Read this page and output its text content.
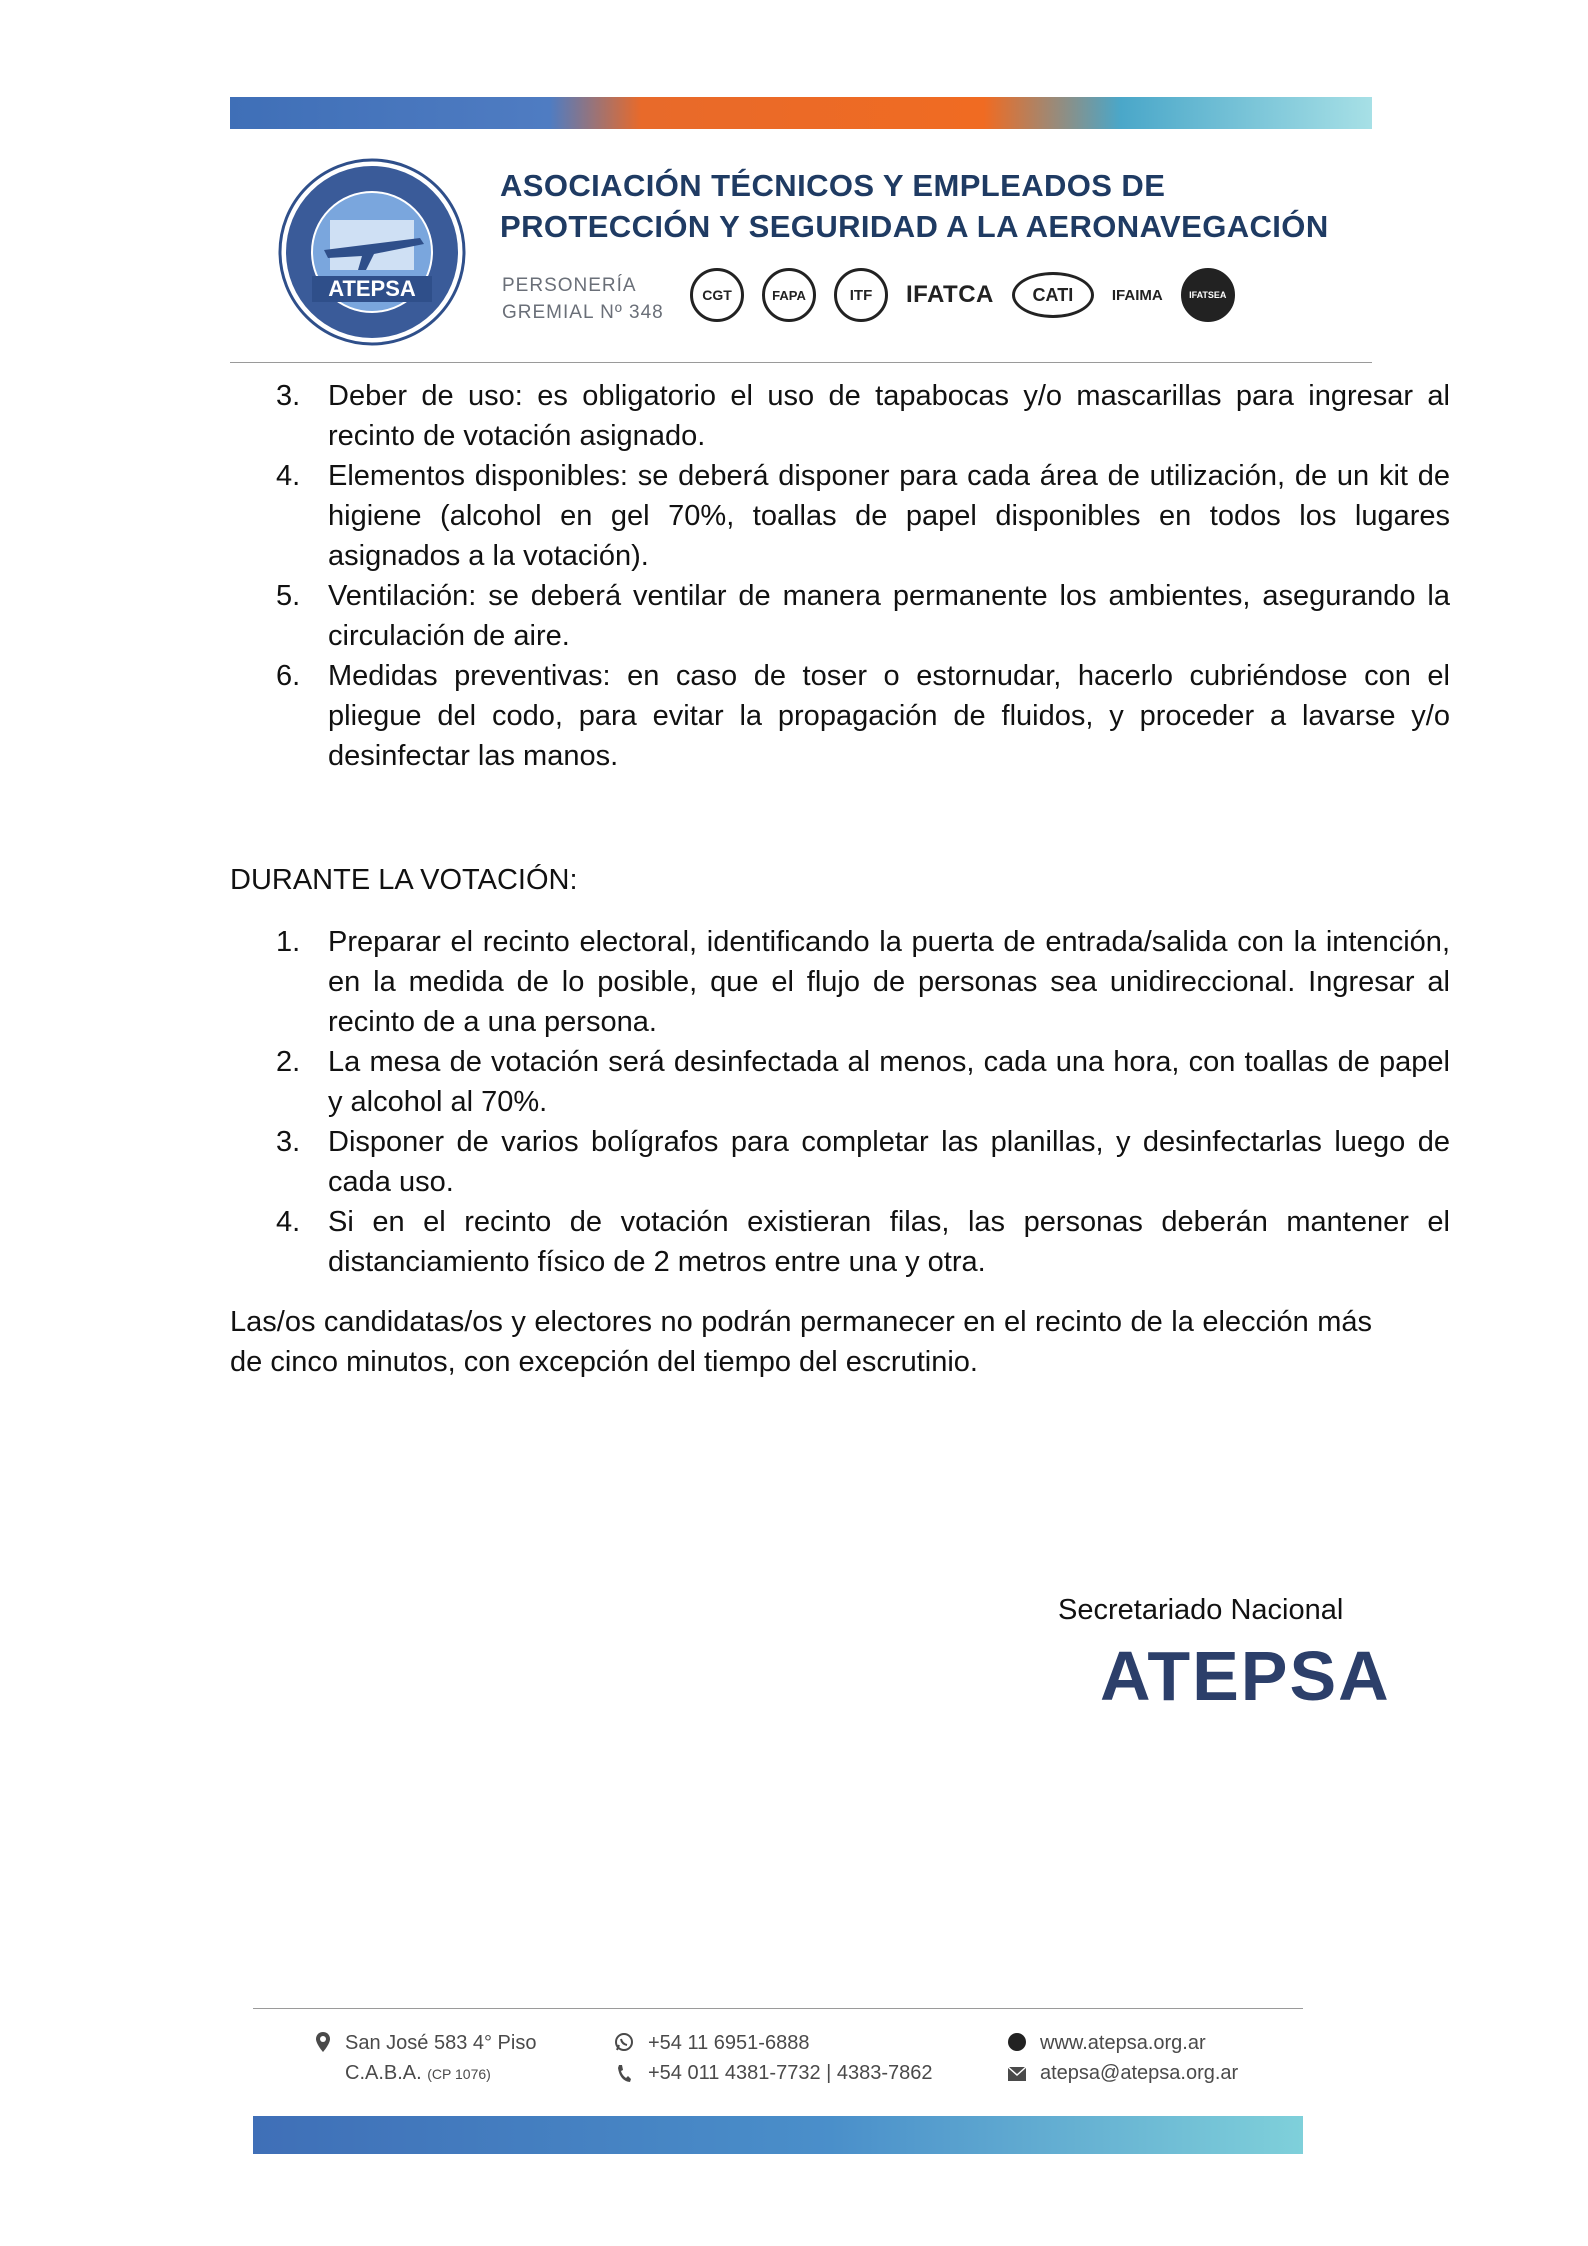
ATEPSA
ASOCIACIÓN TÉCNICOS Y EMPLEADOS DE
PROTECCIÓN Y SEGURIDAD A LA AERONAVEGACIÓN
PERSONERÍA
GREMIAL Nº 348
CGT	FAPA	ITF	IFATCA	CATI	IFAIMA	IFATSEA
3. Deber de uso: es obligatorio el uso de tapabocas y/o mascarillas para ingresar al recinto de votación asignado.
4. Elementos disponibles: se deberá disponer para cada área de utilización, de un kit de higiene (alcohol en gel 70%, toallas de papel disponibles en todos los lugares asignados a la votación).
5. Ventilación: se deberá ventilar de manera permanente los ambientes, asegurando la circulación de aire.
6. Medidas preventivas: en caso de toser o estornudar, hacerlo cubriéndose con el pliegue del codo, para evitar la propagación de fluidos, y proceder a lavarse y/o desinfectar las manos.
DURANTE LA VOTACIÓN:
1. Preparar el recinto electoral, identificando la puerta de entrada/salida con la intención, en la medida de lo posible, que el flujo de personas sea unidireccional. Ingresar al recinto de a una persona.
2. La mesa de votación será desinfectada al menos, cada una hora, con toallas de papel y alcohol al 70%.
3. Disponer de varios bolígrafos para completar las planillas, y desinfectarlas luego de cada uso.
4. Si en el recinto de votación existieran filas, las personas deberán mantener el distanciamiento físico de 2 metros entre una y otra.
Las/os candidatas/os y electores no podrán permanecer en el recinto de la elección más de cinco minutos, con excepción del tiempo del escrutinio.
Secretariado Nacional
ATEPSA
San José 583 4° Piso
C.A.B.A. (CP 1076)
+54 11 6951-6888
+54 011 4381-7732 | 4383-7862
www.atepsa.org.ar
atepsa@atepsa.org.ar
